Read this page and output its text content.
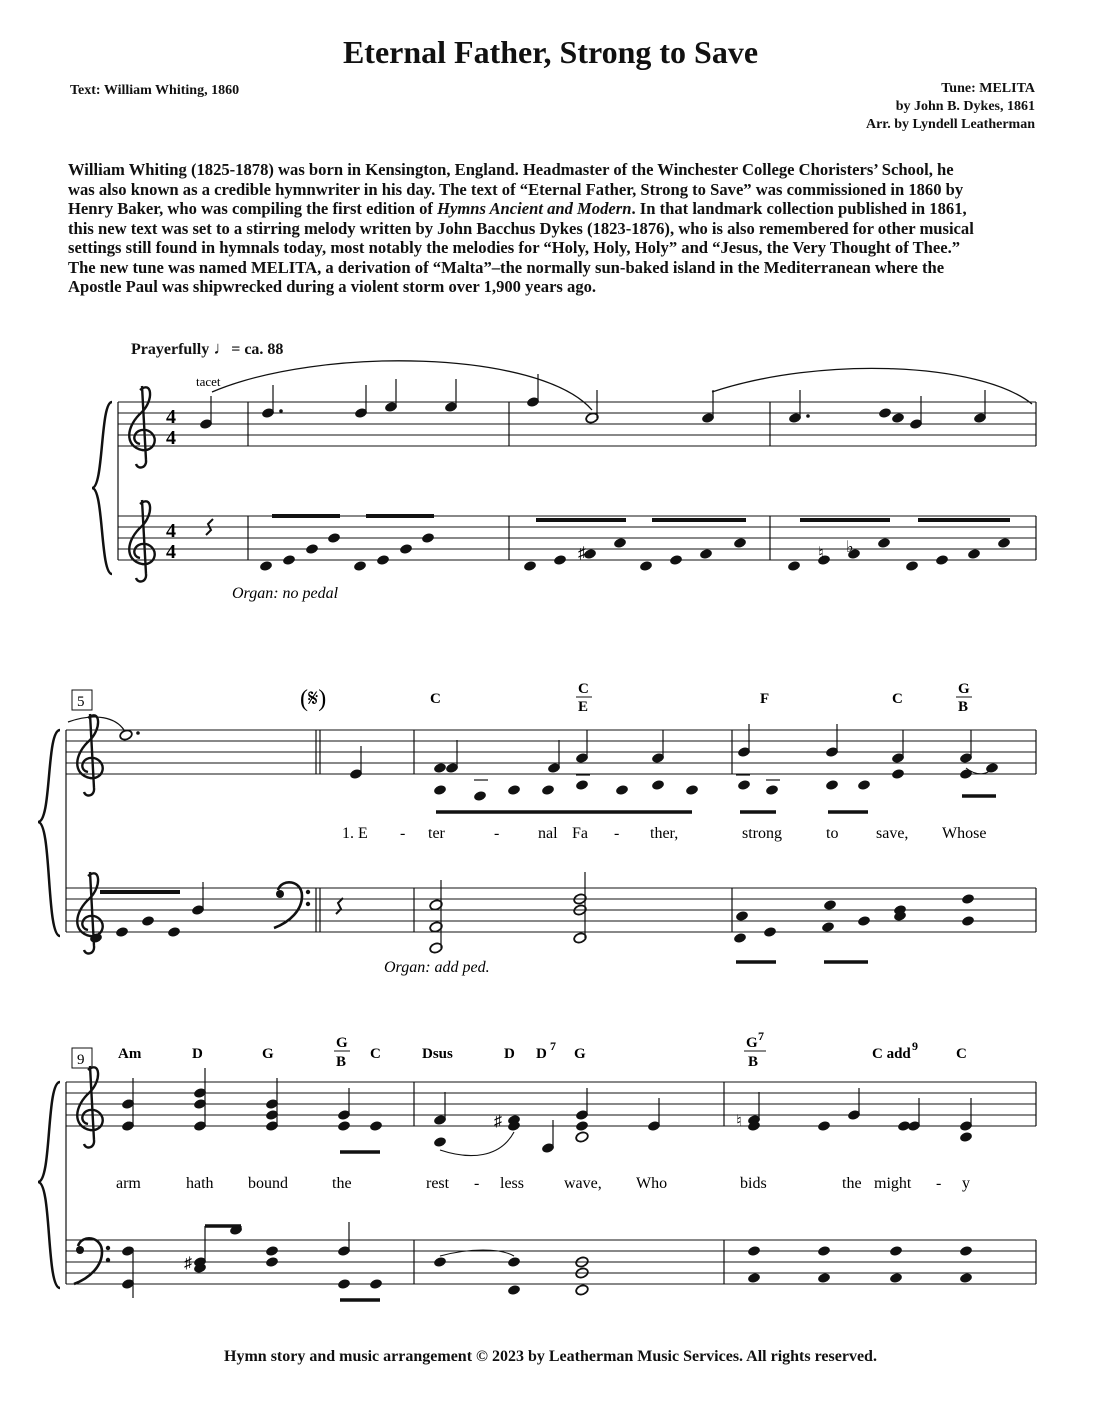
Eternal Father, Strong to Save
Text: William Whiting, 1860	Tune: MELITA
by John B. Dykes, 1861
Arr. by Lyndell Leatherman
William Whiting (1825-1878) was born in Kensington, England. Headmaster of the Winchester College Choristers’ School, he
was also known as a credible hymnwriter in his day. The text of “Eternal Father, Strong to Save” was commissioned in 1860 by
Henry Baker, who was compiling the first edition of Hymns Ancient and Modern. In that landmark collection published in 1861,
this new text was set to a stirring melody written by John Bacchus Dykes (1823-1876), who is also remembered for other musical
settings still found in hymnals today, most notably the melodies for “Holy, Holy, Holy” and “Jesus, the Very Thought of Thee.”
The new tune was named MELITA, a derivation of “Malta”–the normally sun-baked island in the Mediterranean where the
Apostle Paul was shipwrecked during a violent storm over 1,900 years ago.
Prayerfully ♩= ca. 88
4
4
4
4
tacet
♯	♮ ♭
Organ: no pedal
5	(𝄋)	C
C
E	F	C
G
B
1. E - ter	- nal Fa - ther,	strong	to save, Whose
Organ: add ped.
9 Am	D	G
G
B C	Dsus	D D 7 G
G 7
B	C add 9	C
♯	♮
arm	hath bound	the	rest - less	wave, Who	bids	the might - y
♯
Hymn story and music arrangement © 2023 by Leatherman Music Services. All rights reserved.
